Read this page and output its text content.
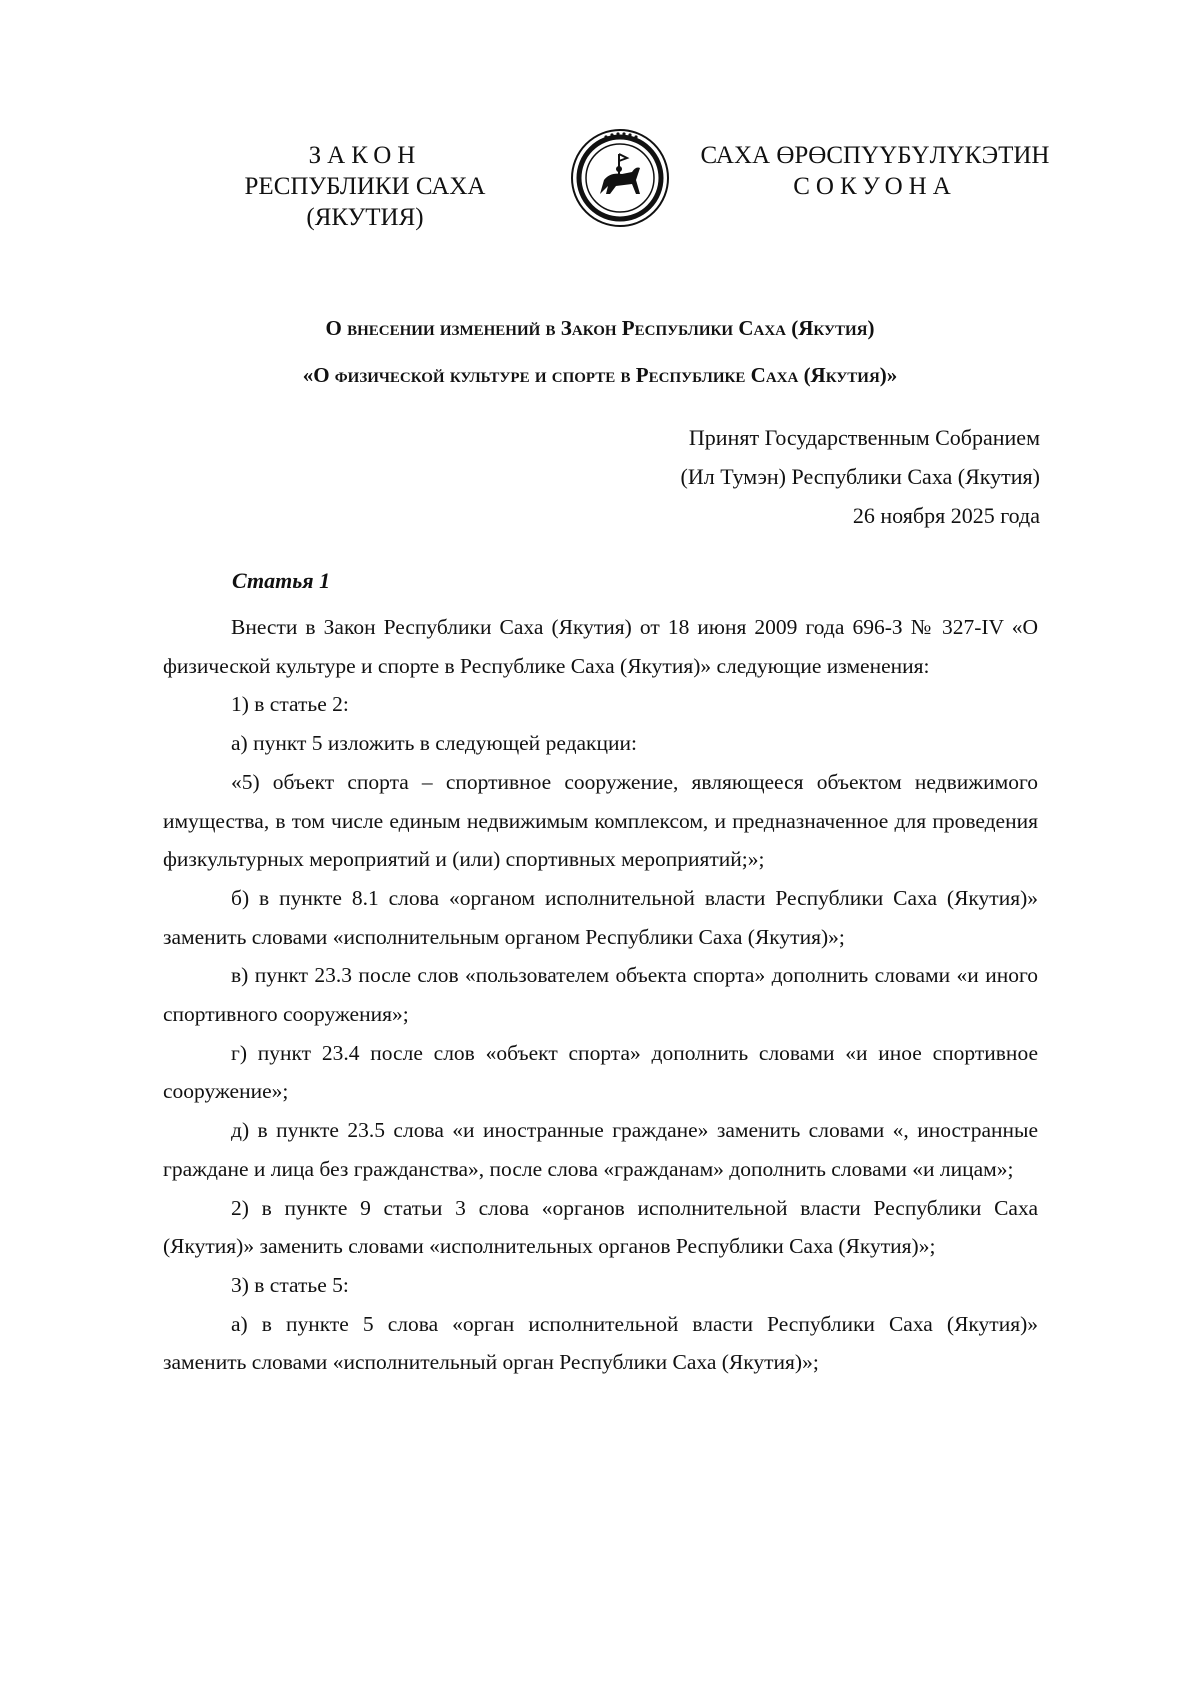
ЗАКОН
РЕСПУБЛИКИ САХА (ЯКУТИЯ)
САХА ӨРӨСПҮҮБҮЛҮКЭТИН
СОКУОНА
О внесении изменений в Закон Республики Саха (Якутия)
«О физической культуре и спорте в Республике Саха (Якутия)»
Принят Государственным Собранием
(Ил Тумэн) Республики Саха (Якутия)
26 ноября 2025 года
Статья 1

Внести в Закон Республики Саха (Якутия) от 18 июня 2009 года 696-З № 327-IV «О физической культуре и спорте в Республике Саха (Якутия)» следующие изменения:

1) в статье 2:

а) пункт 5 изложить в следующей редакции:

«5) объект спорта – спортивное сооружение, являющееся объектом недвижимого имущества, в том числе единым недвижимым комплексом, и предназначенное для проведения физкультурных мероприятий и (или) спортивных мероприятий;»;

б) в пункте 8.1 слова «органом исполнительной власти Республики Саха (Якутия)» заменить словами «исполнительным органом Республики Саха (Якутия)»;

в) пункт 23.3 после слов «пользователем объекта спорта» дополнить словами «и иного спортивного сооружения»;

г) пункт 23.4 после слов «объект спорта» дополнить словами «и иное спортивное сооружение»;

д) в пункте 23.5 слова «и иностранные граждане» заменить словами «, иностранные граждане и лица без гражданства», после слова «гражданам» дополнить словами «и лицам»;

2) в пункте 9 статьи 3 слова «органов исполнительной власти Республики Саха (Якутия)» заменить словами «исполнительных органов Республики Саха (Якутия)»;

3) в статье 5:

а) в пункте 5 слова «орган исполнительной власти Республики Саха (Якутия)» заменить словами «исполнительный орган Республики Саха (Якутия)»;
